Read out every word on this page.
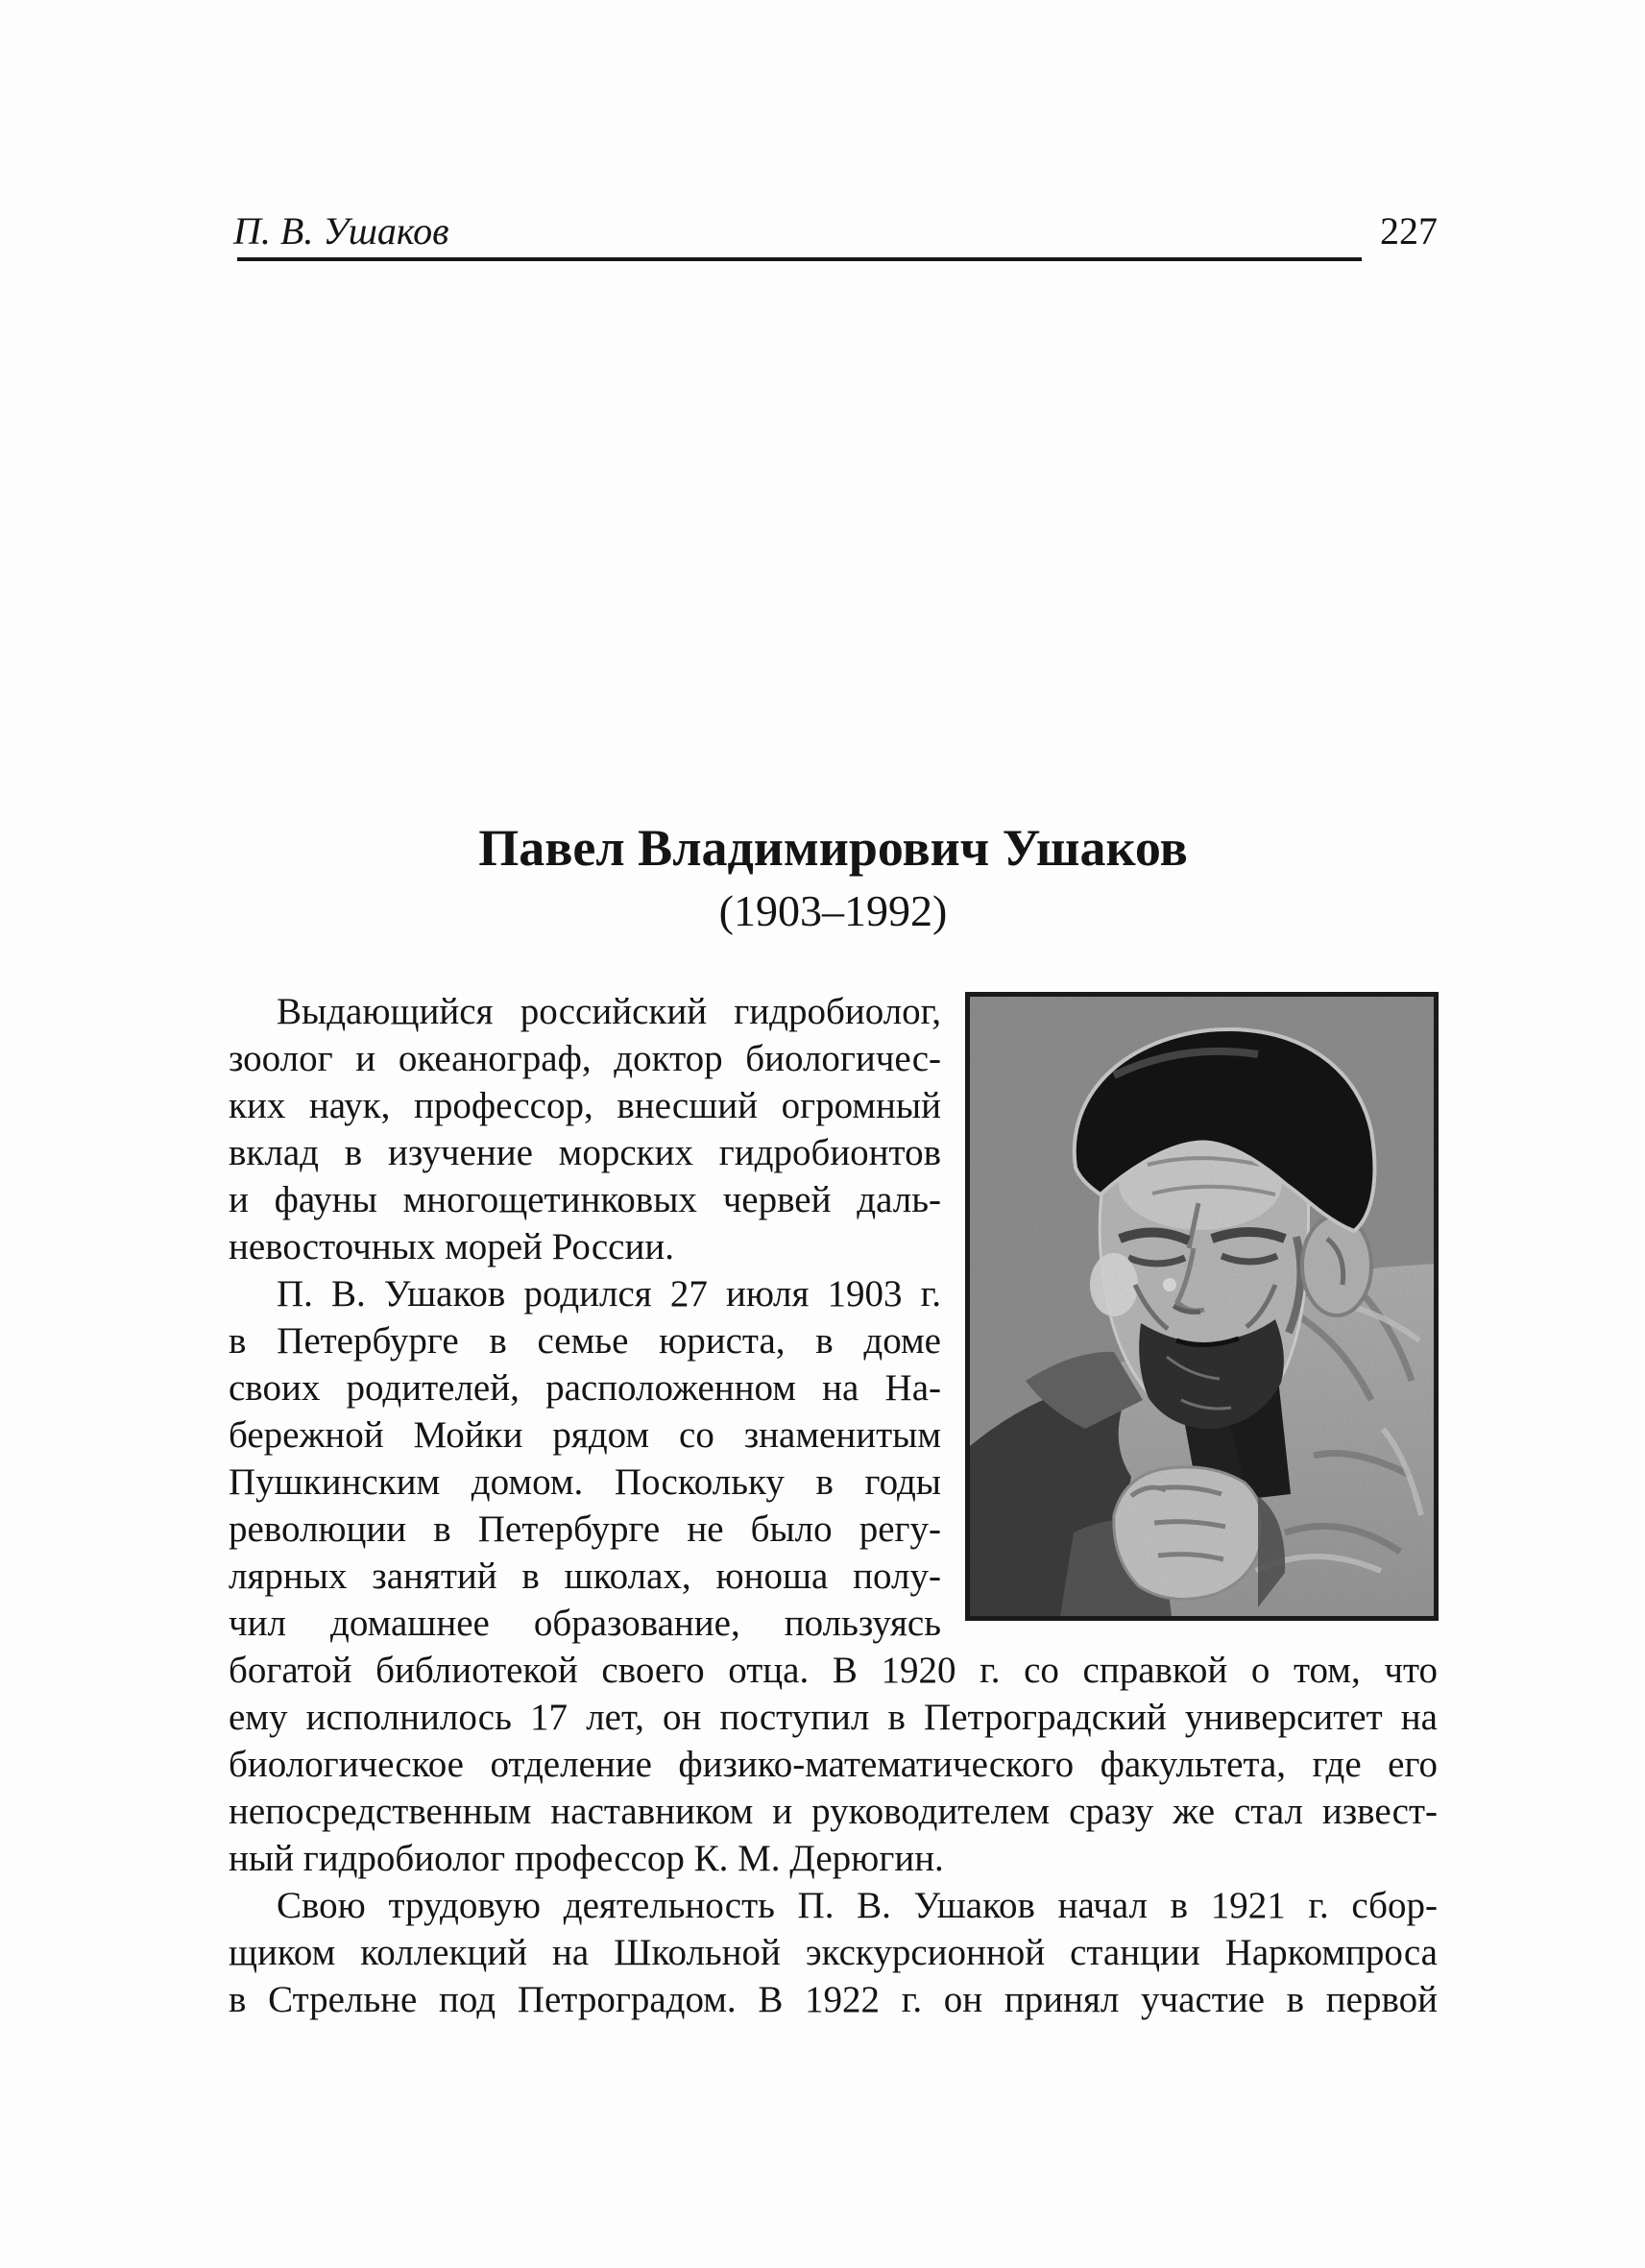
П. В. Ушаков	227
Павел Владимирович Ушаков
(1903–1992)
Выдающийся российский гидробиолог,
зоолог и океанограф, доктор биологичес-
ких наук, профессор, внесший огромный
вклад в изучение морских гидробионтов
и фауны многощетинковых червей даль-
невосточных морей России.
П. В. Ушаков родился 27 июля 1903 г.
в Петербурге в семье юриста, в доме
своих родителей, расположенном на На-
бережной Мойки рядом со знаменитым
Пушкинским домом. Поскольку в годы
революции в Петербурге не было регу-
лярных занятий в школах, юноша полу-
чил домашнее образование, пользуясь
богатой библиотекой своего отца. В 1920 г. со справкой о том, что
ему исполнилось 17 лет, он поступил в Петроградский университет на
биологическое отделение физико-математического факультета, где его
непосредственным наставником и руководителем сразу же стал извест-
ный гидробиолог профессор К. М. Дерюгин.
Свою трудовую деятельность П. В. Ушаков начал в 1921 г. сбор-
щиком коллекций на Школьной экскурсионной станции Наркомпроса
в Стрельне под Петроградом. В 1922 г. он принял участие в первой
